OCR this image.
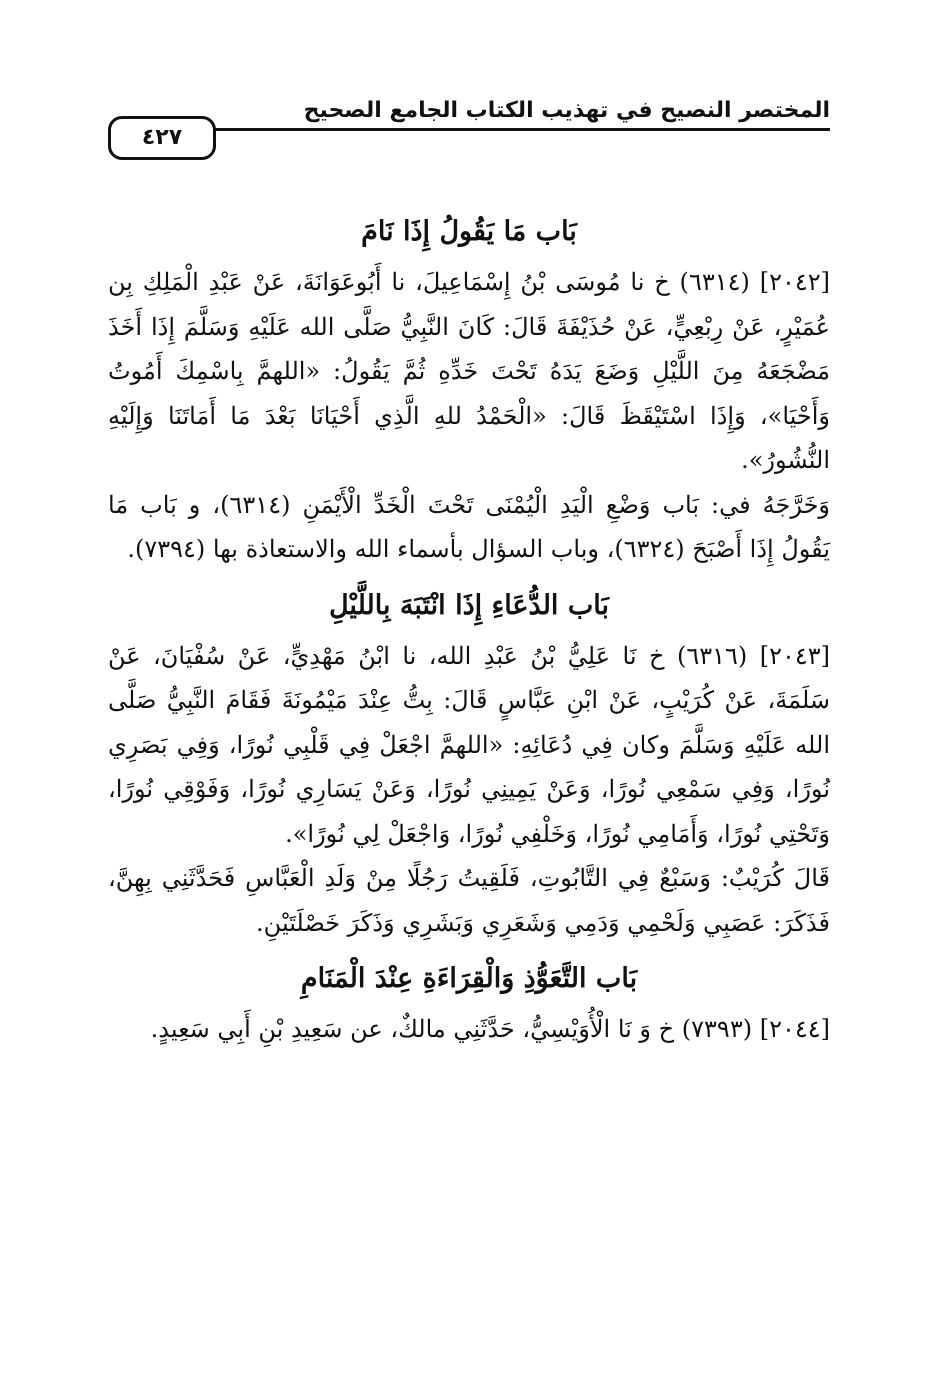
المختصر النصيح في تهذيب الكتاب الجامع الصحيح
٤٢٧
بَاب مَا يَقُولُ إِذَا نَامَ

[٢٠٤٢] (٦٣١٤) خ نا مُوسَى بْنُ إِسْمَاعِيلَ، نا أَبُوعَوَانَةَ، عَنْ عَبْدِ الْمَلِكِ بِن عُمَيْرٍ، عَنْ رِبْعِيٍّ، عَنْ حُذَيْفَةَ قَالَ: كَانَ النَّبِيُّ صَلَّى الله عَلَيْهِ وَسَلَّمَ إِذَا أَخَذَ مَضْجَعَهُ مِنَ اللَّيْلِ وَضَعَ يَدَهُ تَحْتَ خَدِّهِ ثُمَّ يَقُولُ: «اللهمَّ بِاسْمِكَ أَمُوتُ وَأَحْيَا»، وَإِذَا اسْتَيْقَظَ قَالَ: «الْحَمْدُ للهِ الَّذِي أَحْيَانَا بَعْدَ مَا أَمَاتَنَا وَإِلَيْهِ النُّشُورُ».

وَخَرَّجَهُ في: بَاب وَضْعِ الْيَدِ الْيُمْنَى تَحْتَ الْخَدِّ الْأَيْمَنِ (٦٣١٤)، و بَاب مَا يَقُولُ إِذَا أَصْبَحَ (٦٣٢٤)، وباب السؤال بأسماء الله والاستعاذة بها (٧٣٩٤).

بَاب الدُّعَاءِ إِذَا انْتَبَهَ بِاللَّيْلِ

[٢٠٤٣] (٦٣١٦) خ نَا عَلِيُّ بْنُ عَبْدِ الله، نا ابْنُ مَهْدِيٍّ، عَنْ سُفْيَانَ، عَنْ سَلَمَةَ، عَنْ كُرَيْبٍ، عَنْ ابْنِ عَبَّاسٍ قَالَ: بِتُّ عِنْدَ مَيْمُونَةَ فَقَامَ النَّبِيُّ صَلَّى الله عَلَيْهِ وَسَلَّمَ وكان فِي دُعَائِهِ: «اللهمَّ اجْعَلْ فِي قَلْبِي نُورًا، وَفِي بَصَرِي نُورًا، وَفِي سَمْعِي نُورًا، وَعَنْ يَمِينِي نُورًا، وَعَنْ يَسَارِي نُورًا، وَفَوْقِي نُورًا، وَتَحْتِي نُورًا، وَأَمَامِي نُورًا، وَخَلْفِي نُورًا، وَاجْعَلْ لِي نُورًا».

قَالَ كُرَيْبٌ: وَسَبْعٌ فِي التَّابُوتِ، فَلَقِيتُ رَجُلًا مِنْ وَلَدِ الْعَبَّاسِ فَحَدَّثَنِي بِهِنَّ، فَذَكَرَ: عَصَبِي وَلَحْمِي وَدَمِي وَشَعَرِي وَبَشَرِي وَذَكَرَ خَصْلَتَيْنِ.

بَاب التَّعَوُّذِ وَالْقِرَاءَةِ عِنْدَ الْمَنَامِ

[٢٠٤٤] (٧٣٩٣) خ وَ نَا الْأُوَيْسِيُّ، حَدَّثَنِي مالكٌ، عن سَعِيدِ بْنِ أَبِي سَعِيدٍ.
